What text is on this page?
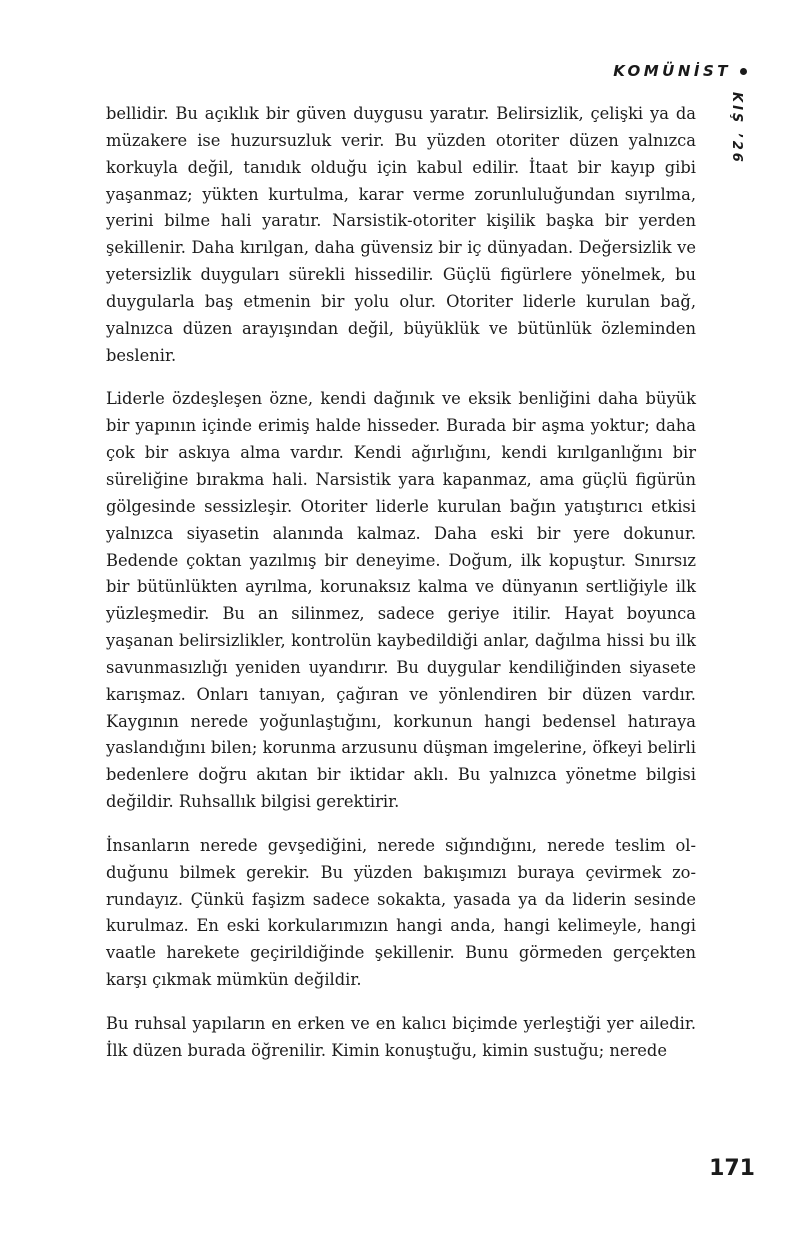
KOMÜNİST
KIŞ ’26

bellidir. Bu açıklık bir güven duygusu yaratır. Belirsizlik, çelişki ya da müzakere ise huzursuzluk verir. Bu yüzden otoriter düzen yalnızca korkuyla değil, tanıdık olduğu için kabul edilir. İtaat bir kayıp gibi yaşanmaz; yükten kurtulma, karar verme zorunluluğundan sıyrılma, yerini bilme hali yaratır. Narsistik-otoriter kişilik başka bir yerden şekillenir. Daha kırılgan, daha güvensiz bir iç dünyadan. Değersizlik ve yetersizlik duyguları sürekli hissedilir. Güçlü figürlere yönelmek, bu duygularla baş etmenin bir yolu olur. Otoriter liderle kurulan bağ, yalnızca düzen arayışından değil, büyüklük ve bütünlük özleminden beslenir.

Liderle özdeşleşen özne, kendi dağınık ve eksik benliğini daha büyük bir yapının içinde erimiş halde hisseder. Burada bir aşma yoktur; daha çok bir askıya alma vardır. Kendi ağırlığını, kendi kırılganlığını bir süreliğine bırakma hali. Narsistik yara kapanmaz, ama güçlü figürün gölgesinde sessizleşir. Otoriter liderle kurulan bağın yatıştırıcı etkisi yalnızca siyasetin alanında kalmaz. Daha eski bir yere dokunur. Bedende çoktan yazılmış bir deneyime. Doğum, ilk kopuştur. Sınırsız bir bütünlükten ayrılma, korunaksız kalma ve dünyanın sertliğiyle ilk yüzleşmedir. Bu an silinmez, sadece geriye itilir. Hayat boyunca yaşanan belirsizlikler, kontrolün kaybedildiği anlar, dağılma hissi bu ilk savunmasızlığı yeniden uyandırır. Bu duygular kendiliğinden siyasete karışmaz. Onları tanıyan, çağıran ve yönlendiren bir düzen vardır. Kaygının nerede yoğunlaştığını, korkunun hangi bedensel hatıraya yaslandığını bilen; korunma arzusunu düşman imgelerine, öfkeyi belirli bedenlere doğru akıtan bir iktidar aklı. Bu yalnızca yönetme bilgisi değildir. Ruhsallık bilgisi gerektirir.

İnsanların nerede gevşediğini, nerede sığındığını, nerede teslim olduğunu bilmek gerekir. Bu yüzden bakışımızı buraya çevirmek zorundayız. Çünkü faşizm sadece sokakta, yasada ya da liderin sesinde kurulmaz. En eski korkularımızın hangi anda, hangi kelimeyle, hangi vaatle harekete geçirildiğinde şekillenir. Bunu görmeden gerçekten karşı çıkmak mümkün değildir.

Bu ruhsal yapıların en erken ve en kalıcı biçimde yerleştiği yer ailedir. İlk düzen burada öğrenilir. Kimin konuştuğu, kimin sustuğu; nerede

171
